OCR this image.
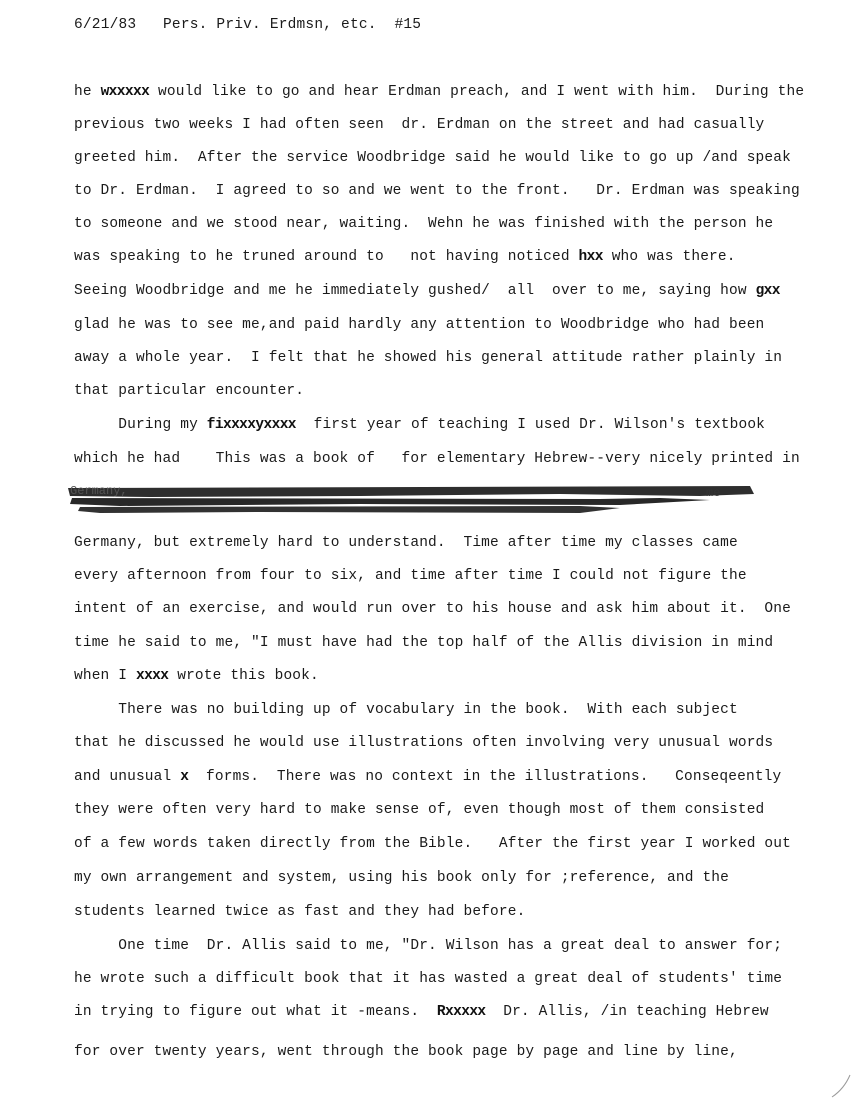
6/21/83   Pers. Priv. Erdmsn, etc.  #15
he wxxxxx would like to go and hear Erdman preach, and I went with him.  During the
previous two weeks I had often seen  dr. Erdman on the street and had casually
greeted him.  After the service Woodbridge said he would like to go up /and speak
to Dr. Erdman.  I agreed to so and we went to the front.   Dr. Erdman was speaking
to someone and we stood near, waiting.  Wehn he was finished with the person he
was speaking to he truned around to   not having noticed hxx who was there.
Seeing Woodbridge and me he immediately gushed/  all  over to me, saying how gxx
glad he was to see me,and paid hardly any attention to Woodbridge who had been
away a whole year.  I felt that he showed his general attitude rather plainly in
that particular encounter.
During my fixxxxyxxxx  first year of teaching I used Dr. Wilson's textbook
which he had    This was a book of   for elementary Hebrew--very nicely printed in
Germany, but extremely hard to understand.  Time after time my classes came
every afternoon from four to six, and time after time I could not figure the
intent of an exercise, and would run over to his house and ask him about it.  One
time he said to me, "I must have had the top half of the Allis division in mind
when I xxxx wrote this book.
There was no building up of vocabulary in the book.  With each subject
that he discussed he would use illustrations often involving very unusual words
and unusual x  forms.  There was no context in the illustrations.   Conseqeently
they were often very hard to make sense of, even though most of them consisted
of a few words taken directly from the Bible.   After the first year I worked out
my own arrangement and system, using his book only for ;reference, and the
students learned twice as fast and they had before.
One time  Dr. Allis said to me, "Dr. Wilson has a great deal to answer for;
he wrote such a difficult book that it has wasted a great deal of students' time
in trying to figure out what it -means.  Rxxxxx  Dr. Allis, /in teaching Hebrew
for over twenty years, went through the book page by page and line by line,
Germany,	me
